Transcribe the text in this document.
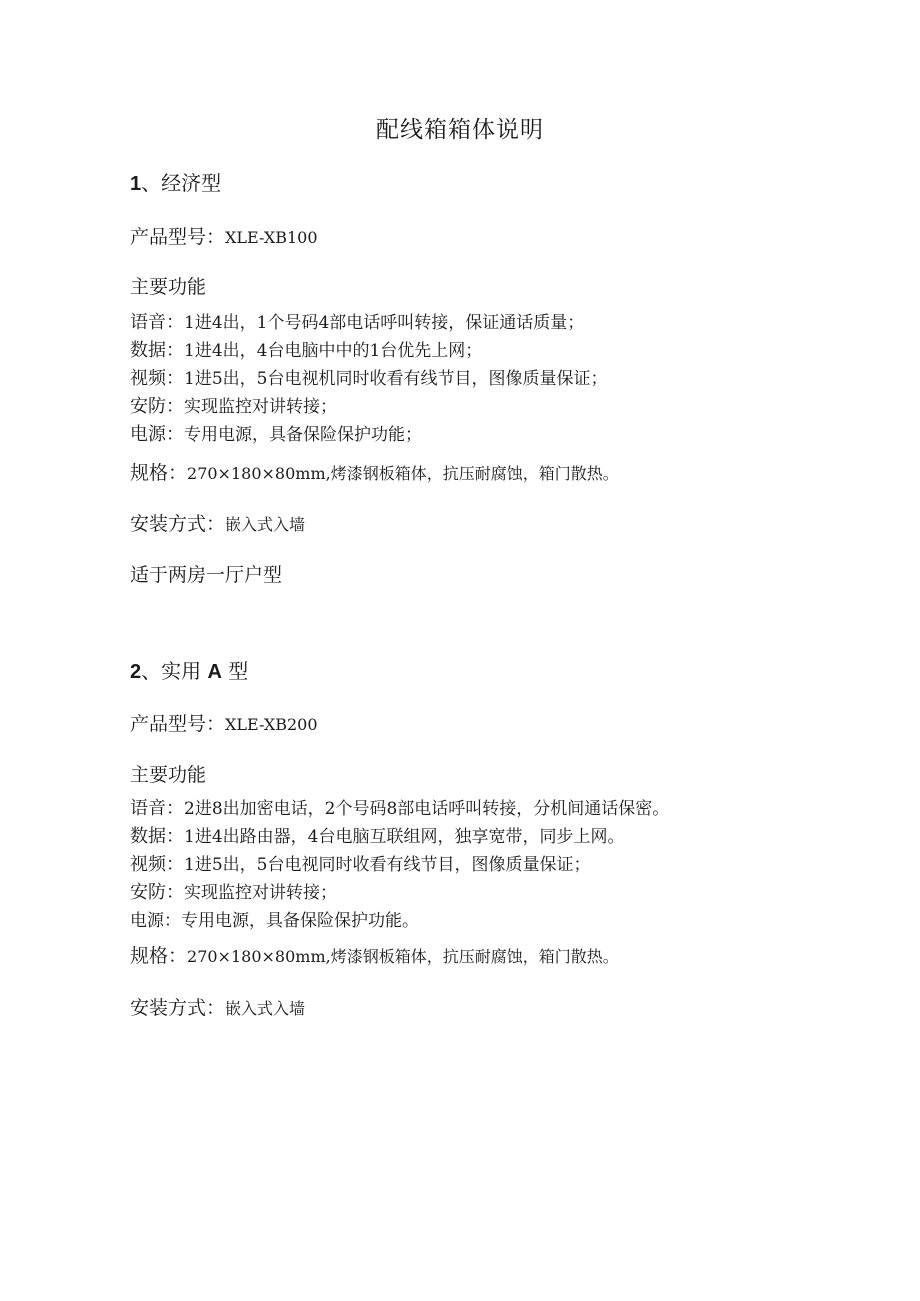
配线箱箱体说明
1、经济型
产品型号：XLE-XB100
主要功能
语音：1进4出，1个号码4部电话呼叫转接，保证通话质量；
数据：1进4出，4台电脑中中的1台优先上网；
视频：1进5出，5台电视机同时收看有线节目，图像质量保证；
安防：实现监控对讲转接；
电源：专用电源，具备保险保护功能；
规格：270×180×80mm,烤漆钢板箱体，抗压耐腐蚀，箱门散热。
安装方式：嵌入式入墙
适于两房一厅户型
2、实用 A 型
产品型号：XLE-XB200
主要功能
语音：2进8出加密电话，2个号码8部电话呼叫转接，分机间通话保密。
数据：1进4出路由器，4台电脑互联组网，独享宽带，同步上网。
视频：1进5出，5台电视同时收看有线节目，图像质量保证；
安防：实现监控对讲转接；
电源：专用电源，具备保险保护功能。
规格：270×180×80mm,烤漆钢板箱体，抗压耐腐蚀，箱门散热。
安装方式：嵌入式入墙
